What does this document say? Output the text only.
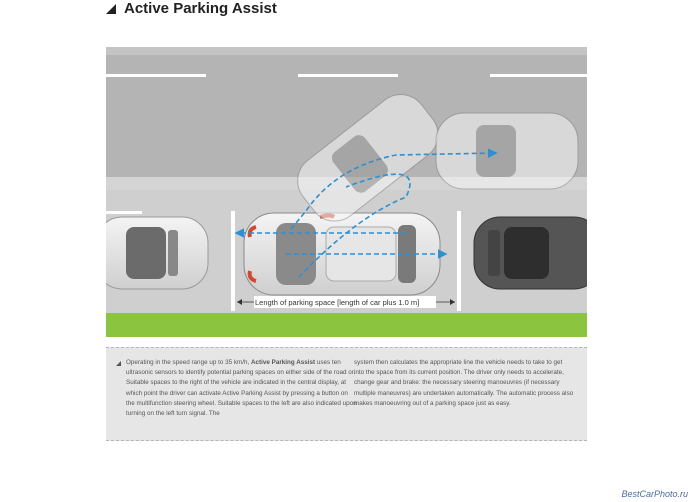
Active Parking Assist
Length of parking space [length of car plus 1.0 m]

Operating in the speed range up to 35 km/h, Active Parking Assist uses ten ultrasonic sensors to identify potential parking spaces on either side of the road or. Suitable spaces to the right of the vehicle are indicated in the central display, at which point the driver can activate Active Parking Assist by pressing a button on the multifunction steering wheel. Suitable spaces to the left are also indicated upon turning on the left turn signal. The

system then calculates the appropriate line the vehicle needs to take to get into the space from its current position. The driver only needs to accelerate, change gear and brake: the necessary steering manoeuvres (if necessary multiple maneuvres) are undertaken automatically. The automatic process also makes manoeuvring out of a parking space just as easy.

BestCarPhoto.ru
